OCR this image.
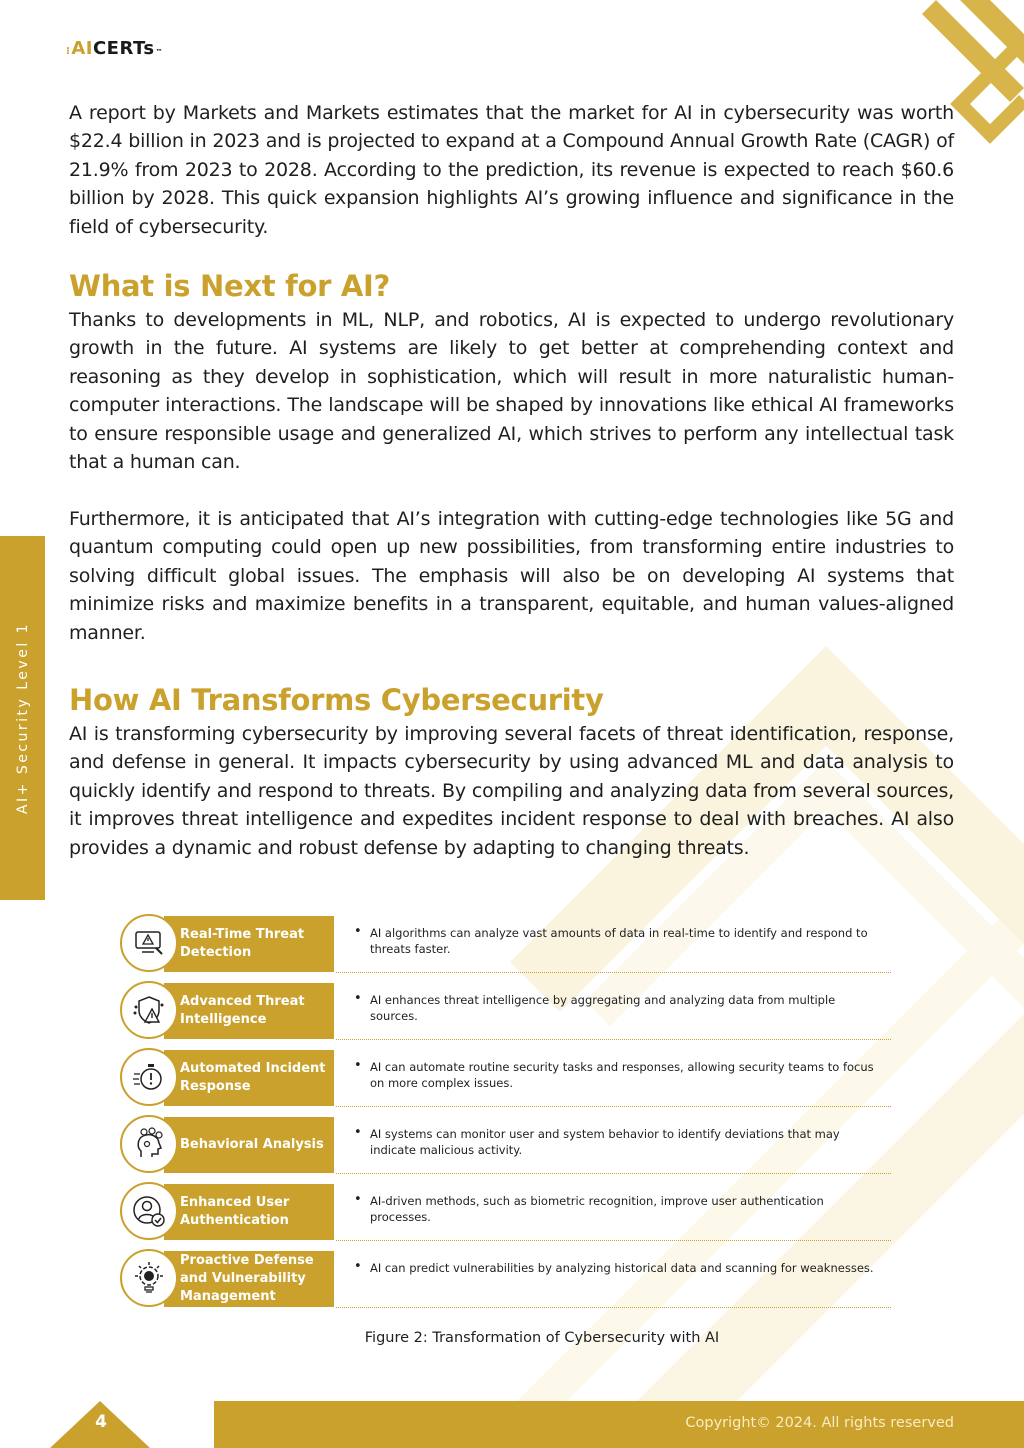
⁝ AI CERTs ™
AI+ Security Level 1

A report by Markets and Markets estimates that the market for AI in cybersecurity was worth $22.4 billion in 2023 and is projected to expand at a Compound Annual Growth Rate (CAGR) of 21.9% from 2023 to 2028. According to the prediction, its revenue is expected to reach $60.6 billion by 2028. This quick expansion highlights AI’s growing influence and significance in the field of cybersecurity.

What is Next for AI?

Thanks to developments in ML, NLP, and robotics, AI is expected to undergo revolutionary growth in the future. AI systems are likely to get better at comprehending context and reasoning as they develop in sophistication, which will result in more naturalistic human-computer interactions. The landscape will be shaped by innovations like ethical AI frameworks to ensure responsible usage and generalized AI, which strives to perform any intellectual task that a human can.

Furthermore, it is anticipated that AI’s integration with cutting-edge technologies like 5G and quantum computing could open up new possibilities, from transforming entire industries to solving difficult global issues. The emphasis will also be on developing AI systems that minimize risks and maximize benefits in a transparent, equitable, and human values-aligned manner.

How AI Transforms Cybersecurity

AI is transforming cybersecurity by improving several facets of threat identification, response, and defense in general. It impacts cybersecurity by using advanced ML and data analysis to quickly identify and respond to threats. By compiling and analyzing data from several sources, it improves threat intelligence and expedites incident response to deal with breaches. AI also provides a dynamic and robust defense by adapting to changing threats.

Real-Time Threat Detection
• AI algorithms can analyze vast amounts of data in real-time to identify and respond to threats faster.
Advanced Threat Intelligence
• AI enhances threat intelligence by aggregating and analyzing data from multiple sources.
Automated Incident Response
• AI can automate routine security tasks and responses, allowing security teams to focus on more complex issues.
Behavioral Analysis
• AI systems can monitor user and system behavior to identify deviations that may indicate malicious activity.
Enhanced User Authentication
• AI-driven methods, such as biometric recognition, improve user authentication processes.
Proactive Defense and Vulnerability Management
• AI can predict vulnerabilities by analyzing historical data and scanning for weaknesses.
Figure 2: Transformation of Cybersecurity with AI
4	Copyright© 2024. All rights reserved
